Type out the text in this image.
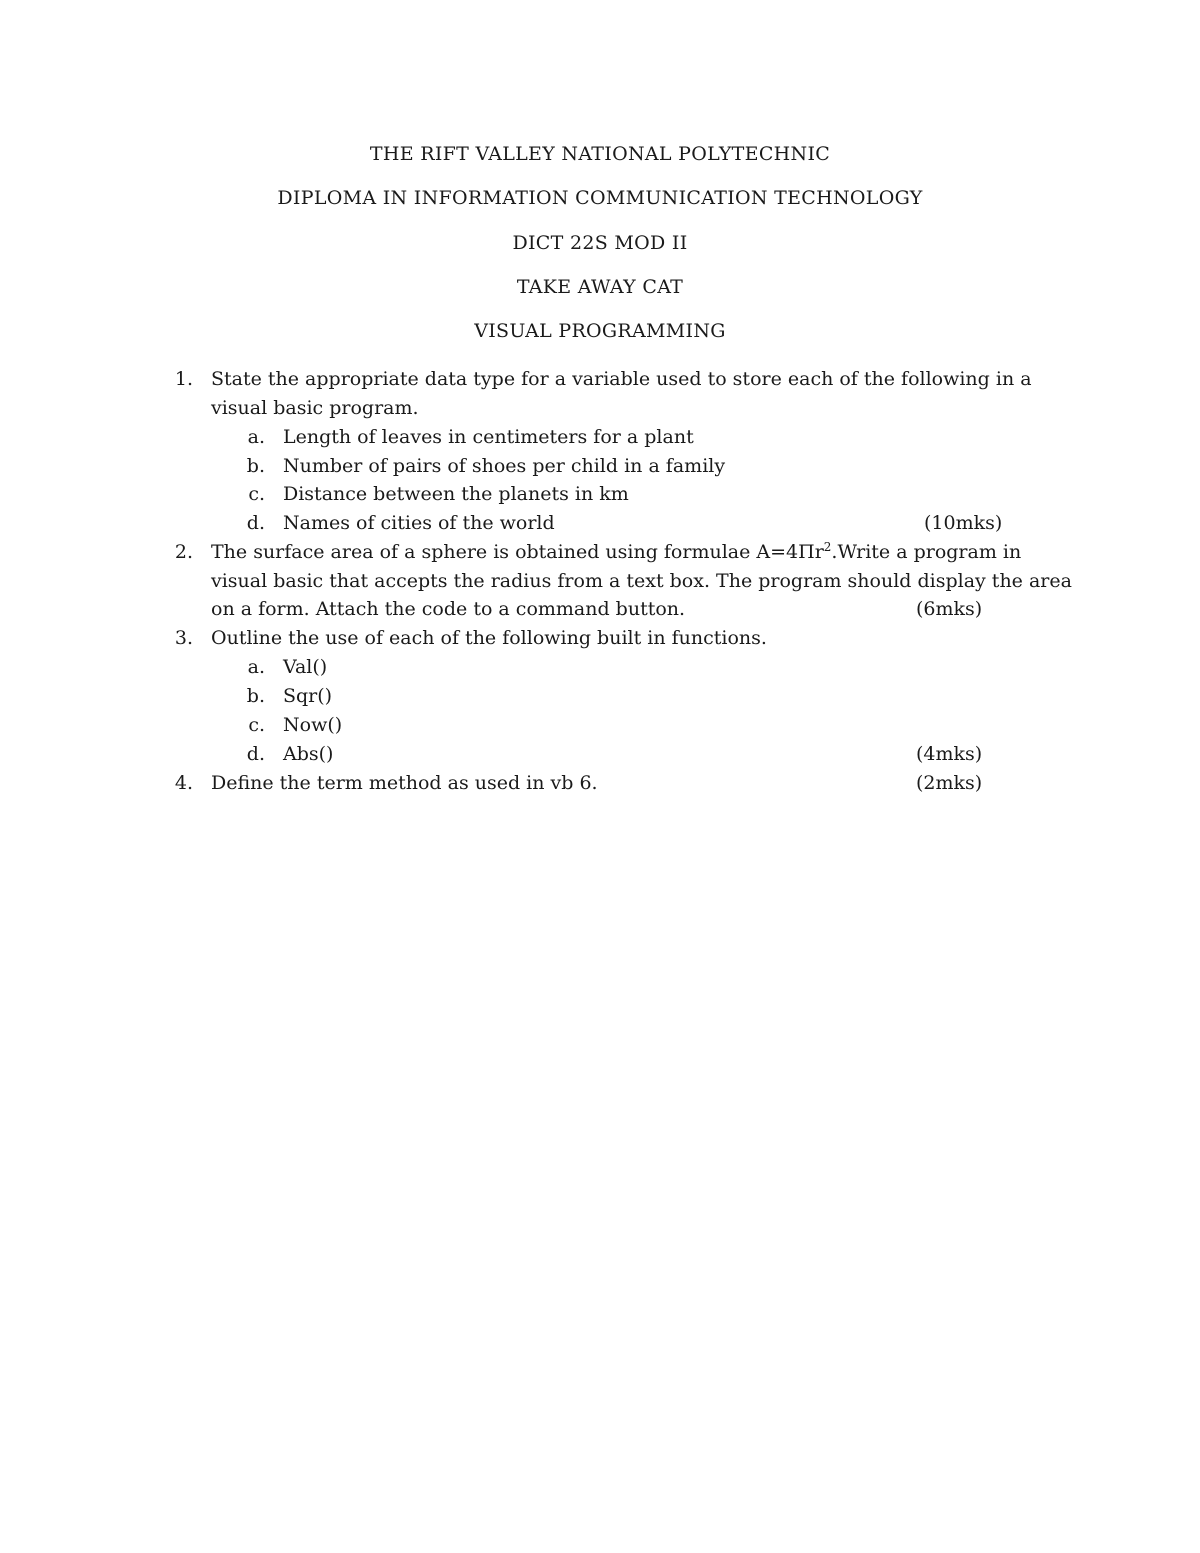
THE RIFT VALLEY NATIONAL POLYTECHNIC
DIPLOMA IN INFORMATION COMMUNICATION TECHNOLOGY
DICT 22S MOD II
TAKE AWAY CAT
VISUAL PROGRAMMING
1. State the appropriate data type for a variable used to store each of the following in a
visual basic program.
a. Length of leaves in centimeters for a plant
b. Number of pairs of shoes per child in a family
c. Distance between the planets in km
d. Names of cities of the world	(10mks)
2. The surface area of a sphere is obtained using formulae $A=4\Pi r^2.Write$ a program in
visual basic that accepts the radius from a text box. The program should display the area
on a form. Attach the code to a command button.	(6mks)
3. Outline the use of each of the following built in functions.
a. Val()
b. Sqr()
c. Now()
d. Abs()	(4mks)
4. Define the term method as used in vb 6.	(2mks)
